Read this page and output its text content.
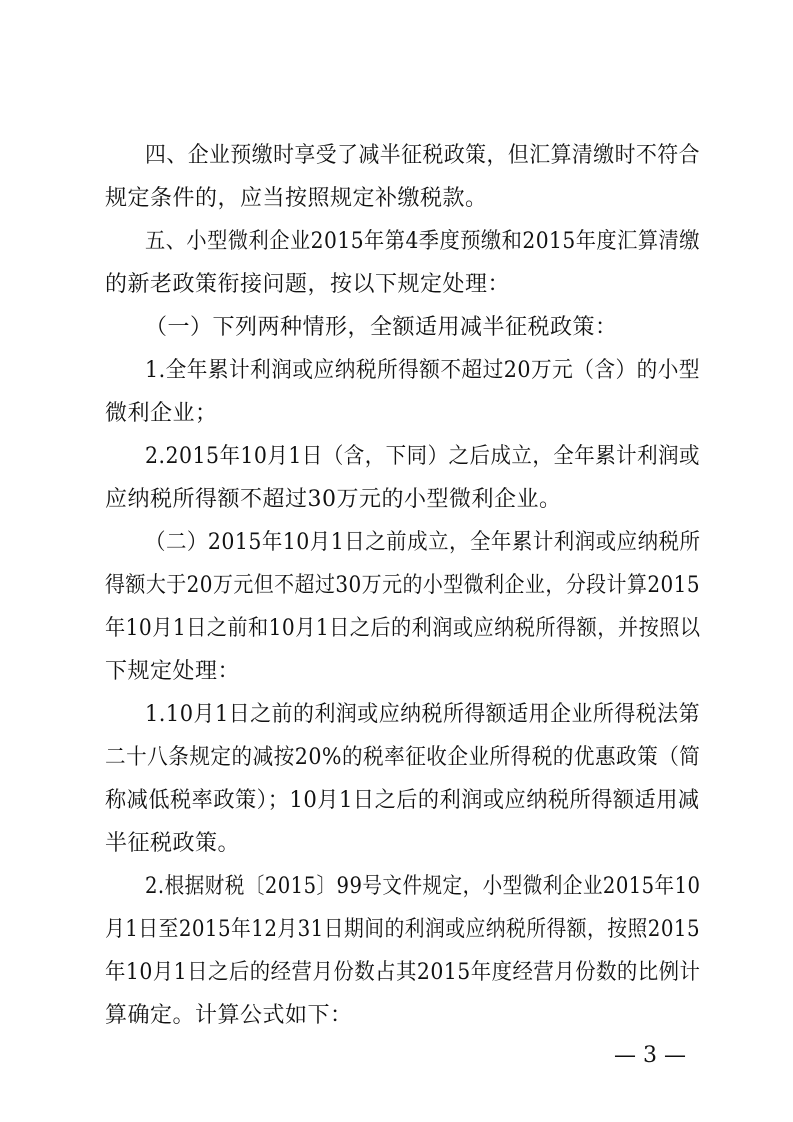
四、企业预缴时享受了减半征税政策，但汇算清缴时不符合
规定条件的，应当按照规定补缴税款。
五、小型微利企业2015年第4季度预缴和2015年度汇算清缴
的新老政策衔接问题，按以下规定处理：
（一）下列两种情形，全额适用减半征税政策：
1.全年累计利润或应纳税所得额不超过20万元（含）的小型
微利企业；
2.2015年10月1日（含，下同）之后成立，全年累计利润或
应纳税所得额不超过30万元的小型微利企业。
（二）2015年10月1日之前成立，全年累计利润或应纳税所
得额大于20万元但不超过30万元的小型微利企业，分段计算2015
年10月1日之前和10月1日之后的利润或应纳税所得额，并按照以
下规定处理：
1.10月1日之前的利润或应纳税所得额适用企业所得税法第
二十八条规定的减按20%的税率征收企业所得税的优惠政策（简
称减低税率政策）；10月1日之后的利润或应纳税所得额适用减
半征税政策。
2.根据财税〔2015〕99号文件规定，小型微利企业2015年10
月1日至2015年12月31日期间的利润或应纳税所得额，按照2015
年10月1日之后的经营月份数占其2015年度经营月份数的比例计
算确定。计算公式如下：
— 3 —
